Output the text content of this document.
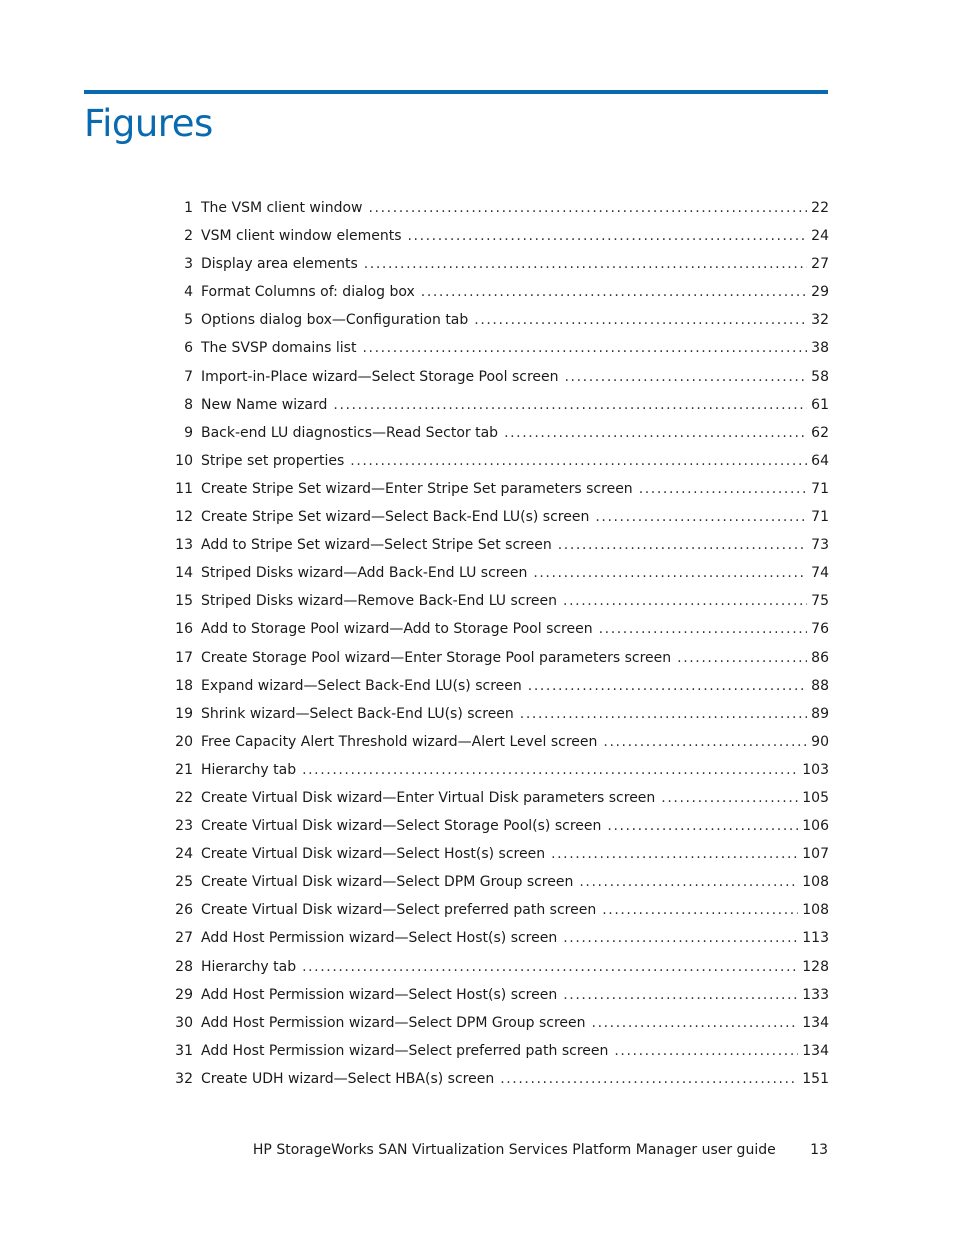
Figures
1 The VSM client window .....	22
2 VSM client window elements .....	24
3 Display area elements .....	27
4 Format Columns of: dialog box .....	29
5 Options dialog box—Configuration tab .....	32
6 The SVSP domains list .....	38
7 Import-in-Place wizard—Select Storage Pool screen .....	58
8 New Name wizard .....	61
9 Back-end LU diagnostics—Read Sector tab .....	62
10 Stripe set properties .....	64
11 Create Stripe Set wizard—Enter Stripe Set parameters screen .....	71
12 Create Stripe Set wizard—Select Back-End LU(s) screen .....	71
13 Add to Stripe Set wizard—Select Stripe Set screen .....	73
14 Striped Disks wizard—Add Back-End LU screen .....	74
15 Striped Disks wizard—Remove Back-End LU screen .....	75
16 Add to Storage Pool wizard—Add to Storage Pool screen .....	76
17 Create Storage Pool wizard—Enter Storage Pool parameters screen .....	86
18 Expand wizard—Select Back-End LU(s) screen .....	88
19 Shrink wizard—Select Back-End LU(s) screen .....	89
20 Free Capacity Alert Threshold wizard—Alert Level screen .....	90
21 Hierarchy tab .....	103
22 Create Virtual Disk wizard—Enter Virtual Disk parameters screen .....	105
23 Create Virtual Disk wizard—Select Storage Pool(s) screen .....	106
24 Create Virtual Disk wizard—Select Host(s) screen .....	107
25 Create Virtual Disk wizard—Select DPM Group screen .....	108
26 Create Virtual Disk wizard—Select preferred path screen .....	108
27 Add Host Permission wizard—Select Host(s) screen .....	113
28 Hierarchy tab .....	128
29 Add Host Permission wizard—Select Host(s) screen .....	133
30 Add Host Permission wizard—Select DPM Group screen .....	134
31 Add Host Permission wizard—Select preferred path screen .....	134
32 Create UDH wizard—Select HBA(s) screen .....	151
HP StorageWorks SAN Virtualization Services Platform Manager user guide 13
